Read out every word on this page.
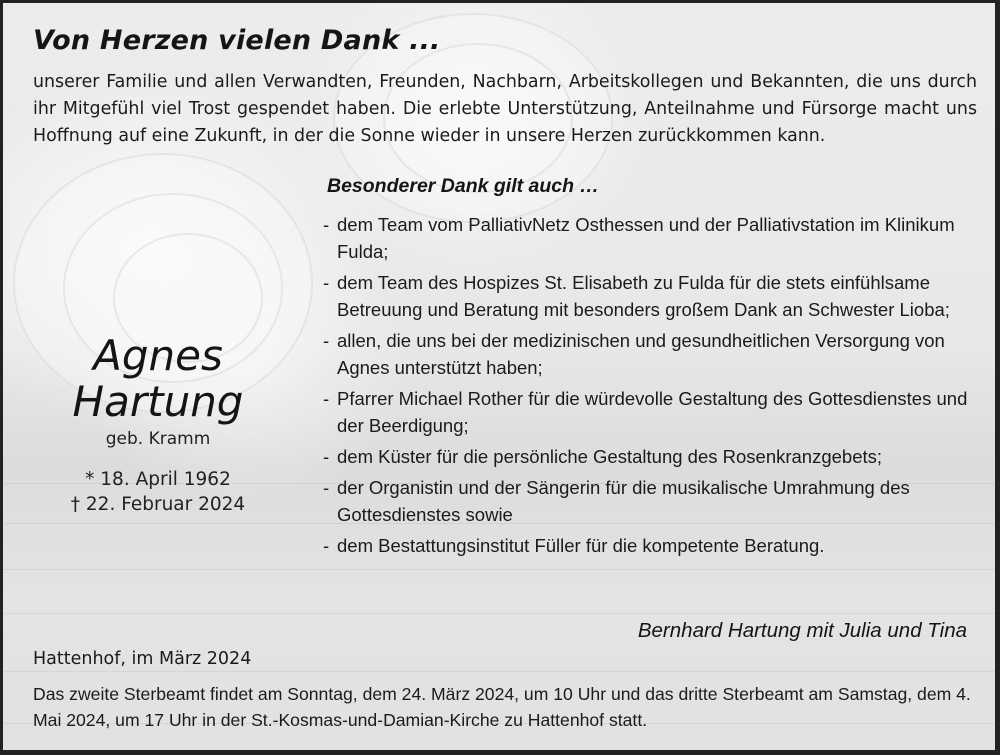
Von Herzen vielen Dank ...

unserer Familie und allen Verwandten, Freunden, Nachbarn, Arbeitskollegen und Bekannten, die uns durch ihr Mitgefühl viel Trost gespendet haben. Die erlebte Unterstützung, Anteilnahme und Fürsorge macht uns Hoffnung auf eine Zukunft, in der die Sonne wieder in unsere Herzen zurückkommen kann.

Besonderer Dank gilt auch …
- dem Team vom PalliativNetz Osthessen und der Palliativstation im Klinikum Fulda;
- dem Team des Hospizes St. Elisabeth zu Fulda für die stets einfühlsame Betreuung und Beratung mit besonders großem Dank an Schwester Lioba;
- allen, die uns bei der medizinischen und gesundheitlichen Versorgung von Agnes unterstützt haben;
- Pfarrer Michael Rother für die würdevolle Gestaltung des Gottesdienstes und der Beerdigung;
- dem Küster für die persönliche Gestaltung des Rosenkranzgebets;
- der Organistin und der Sängerin für die musikalische Umrahmung des Gottesdienstes sowie
- dem Bestattungsinstitut Füller für die kompetente Beratung.
Agnes
Hartung
geb. Kramm
* 18. April 1962
† 22. Februar 2024
Bernhard Hartung mit Julia und Tina
Hattenhof, im März 2024

Das zweite Sterbeamt findet am Sonntag, dem 24. März 2024, um 10 Uhr und das dritte Sterbeamt am Samstag, dem 4. Mai 2024, um 17 Uhr in der St.-Kosmas-und-Damian-Kirche zu Hattenhof statt.
